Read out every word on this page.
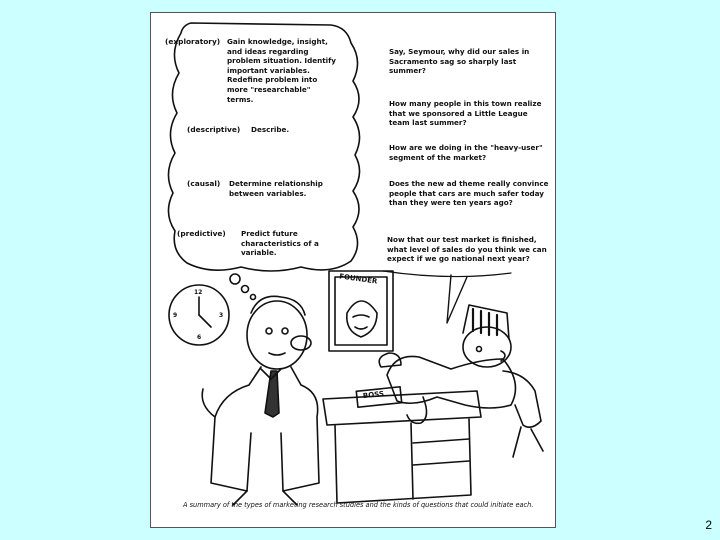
(exploratory) Gain knowledge, insight, and ideas regarding problem situation. Identify important variables. Redefine problem into more "researchable" terms.
(descriptive) Describe.
(causal) Determine relationship between variables.
(predictive) Predict future characteristics of a variable.
Say, Seymour, why did our sales in Sacramento sag so sharply last summer?
How many people in this town realize that we sponsored a Little League team last summer?
How are we doing in the "heavy-user" segment of the market?
Does the new ad theme really convince people that cars are much safer today than they were ten years ago?
Now that our test market is finished, what level of sales do you think we can expect if we go national next year?
FOUNDER
BOSS
12
3
6
9

A summary of the types of marketing research studies and the kinds of questions that could initiate each.

2
